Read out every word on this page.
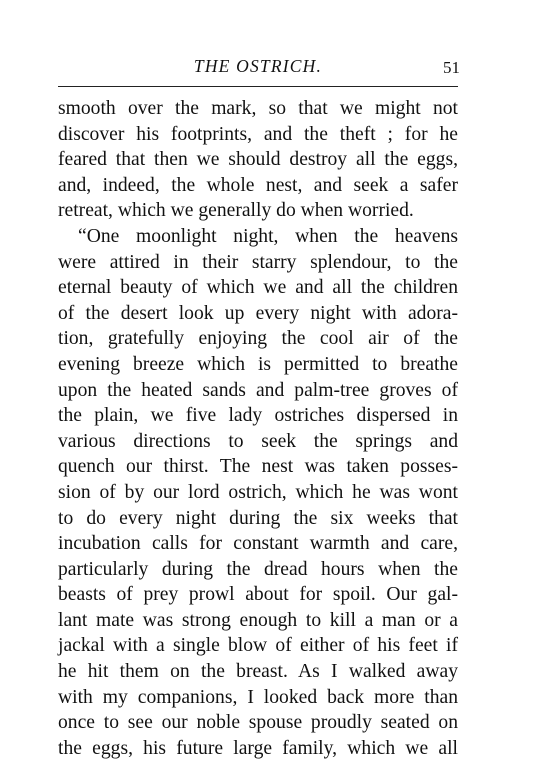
THE OSTRICH.	51
smooth over the mark, so that we might not
discover his footprints, and the theft ; for he
feared that then we should destroy all the eggs,
and, indeed, the whole nest, and seek a safer
retreat, which we generally do when worried.
“One moonlight night, when the heavens
were attired in their starry splendour, to the
eternal beauty of which we and all the children
of the desert look up every night with adora-
tion, gratefully enjoying the cool air of the
evening breeze which is permitted to breathe
upon the heated sands and palm-tree groves of
the plain, we five lady ostriches dispersed in
various directions to seek the springs and
quench our thirst. The nest was taken posses-
sion of by our lord ostrich, which he was wont
to do every night during the six weeks that
incubation calls for constant warmth and care,
particularly during the dread hours when the
beasts of prey prowl about for spoil. Our gal-
lant mate was strong enough to kill a man or a
jackal with a single blow of either of his feet if
he hit them on the breast. As I walked away
with my companions, I looked back more than
once to see our noble spouse proudly seated on
the eggs, his future large family, which we all
